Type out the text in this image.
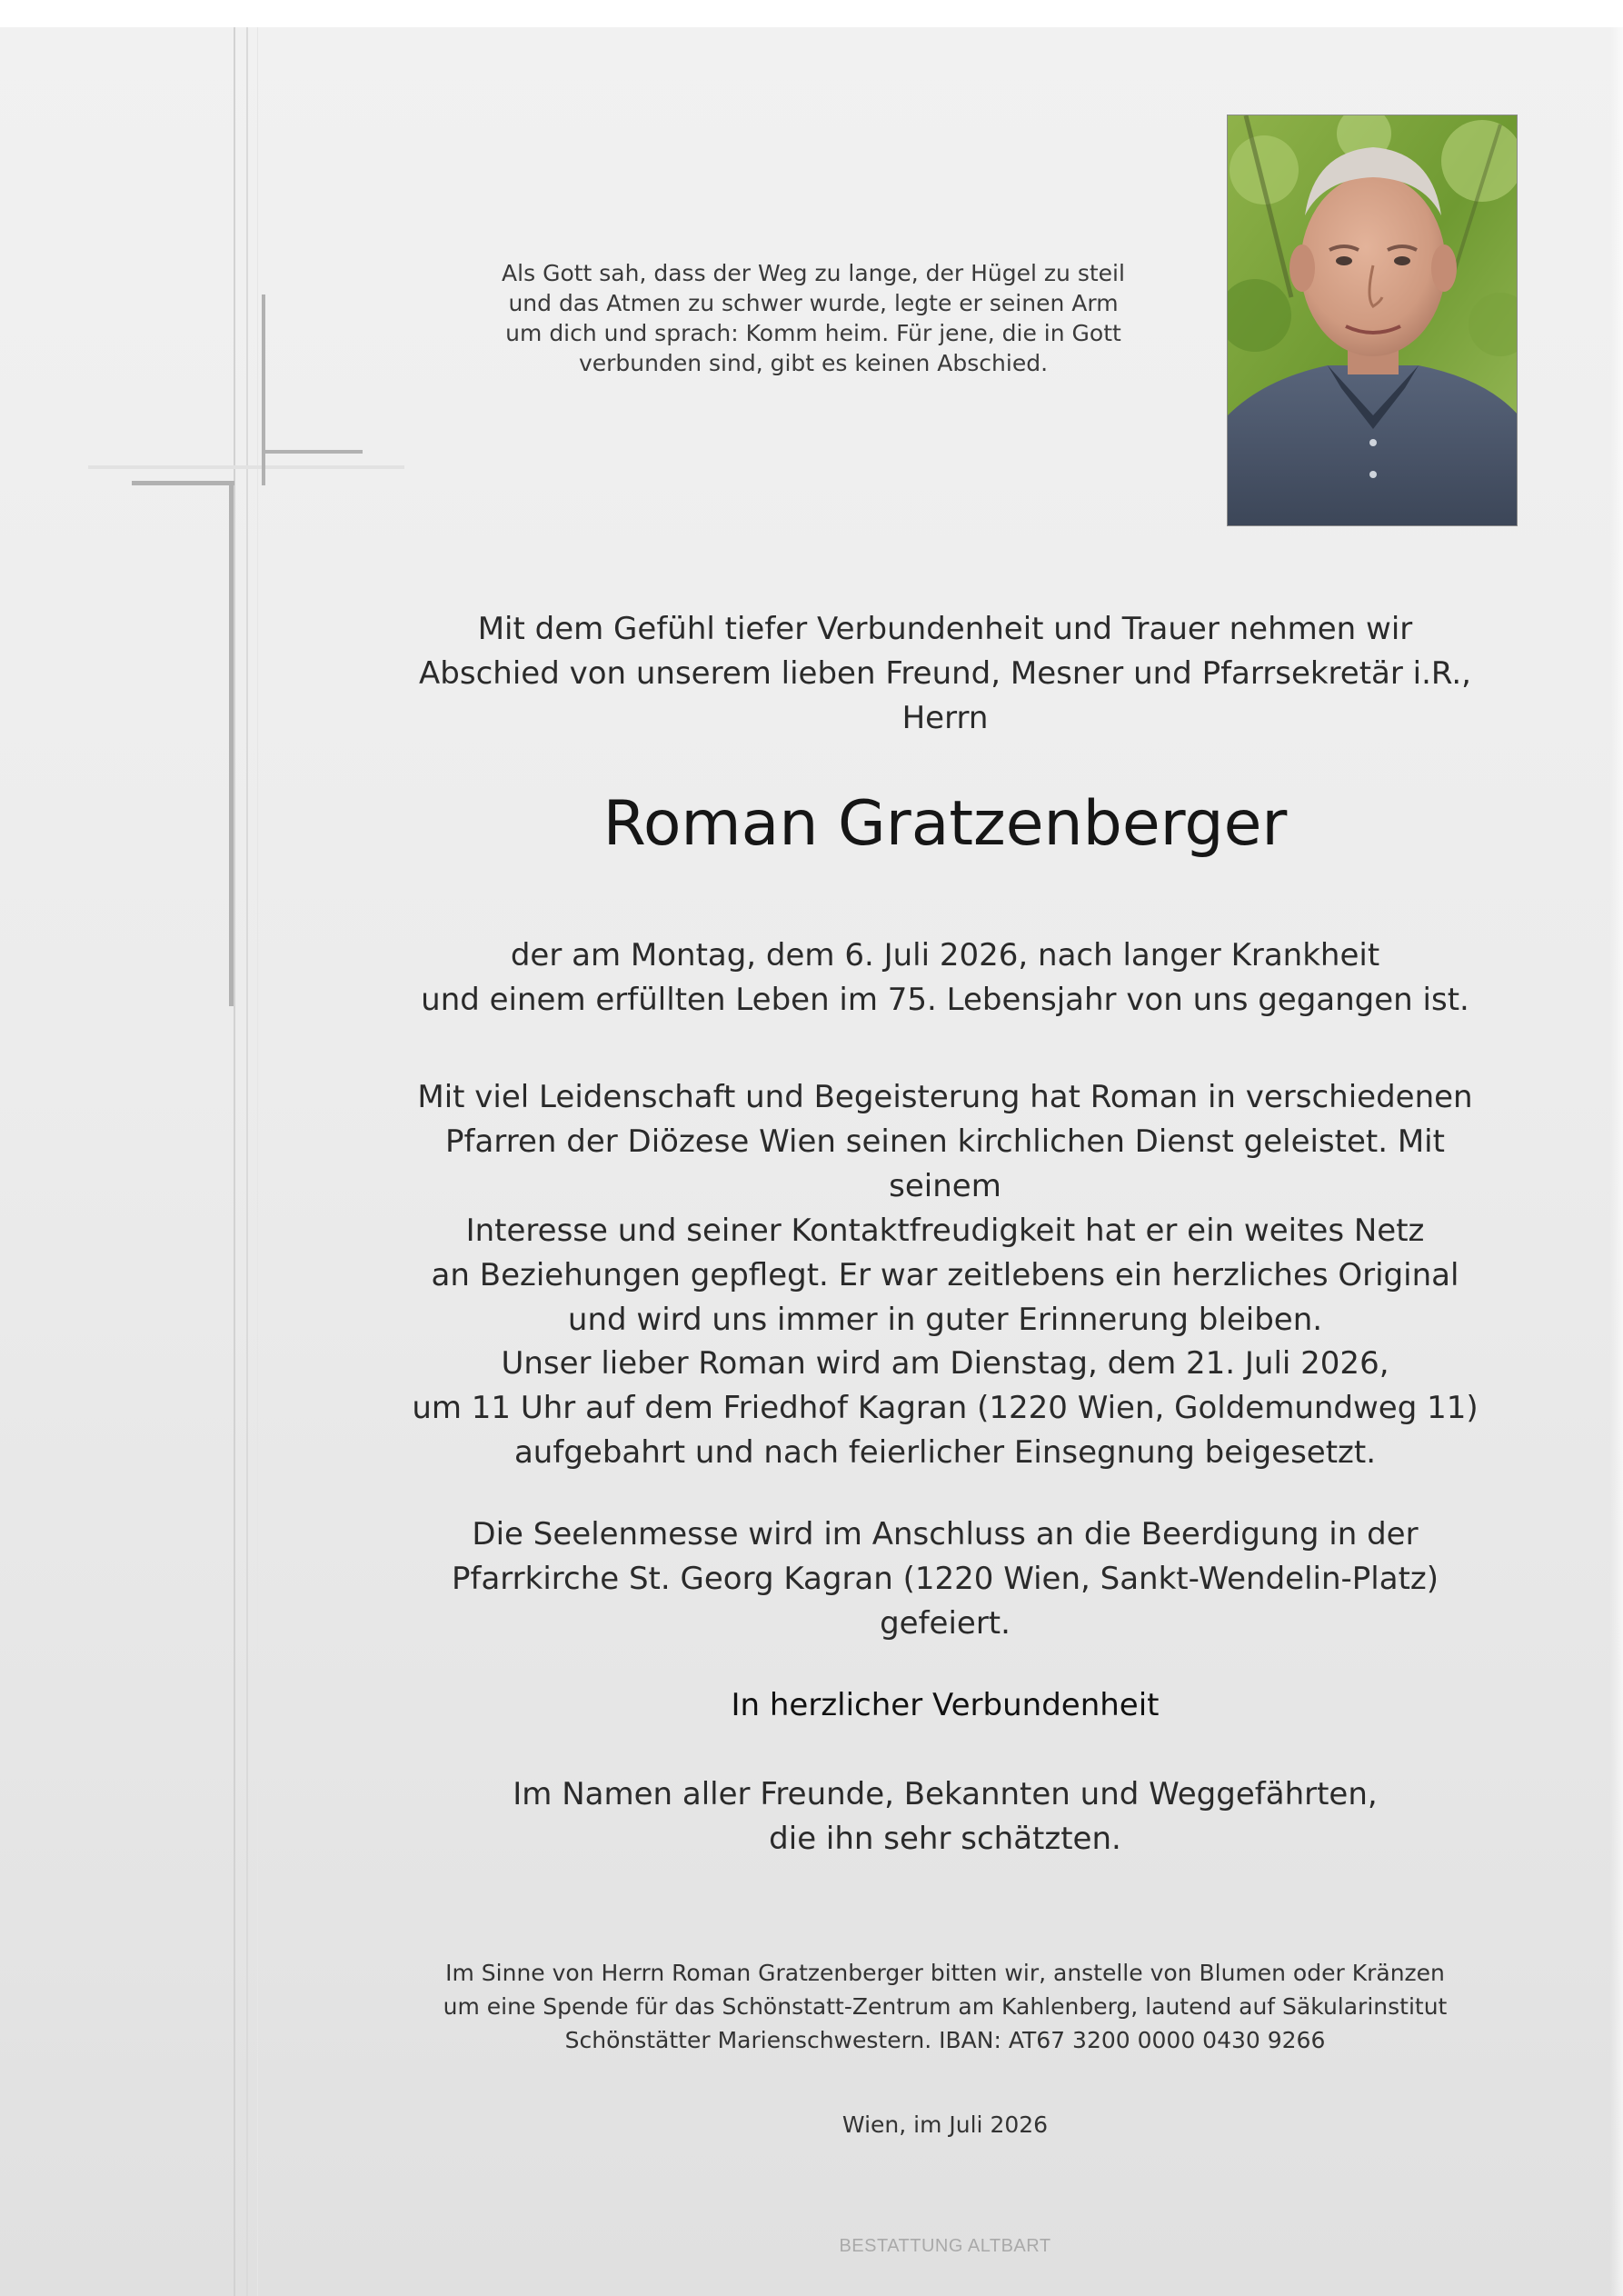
Als Gott sah, dass der Weg zu lange, der Hügel zu steil
und das Atmen zu schwer wurde, legte er seinen Arm
um dich und sprach: Komm heim. Für jene, die in Gott
verbunden sind, gibt es keinen Abschied.
Mit dem Gefühl tiefer Verbundenheit und Trauer nehmen wir
Abschied von unserem lieben Freund, Mesner und Pfarrsekretär i.R., Herrn
Roman Gratzenberger
der am Montag, dem 6. Juli 2026, nach langer Krankheit
und einem erfüllten Leben im 75. Lebensjahr von uns gegangen ist.
Mit viel Leidenschaft und Begeisterung hat Roman in verschiedenen
Pfarren der Diözese Wien seinen kirchlichen Dienst geleistet. Mit seinem
Interesse und seiner Kontaktfreudigkeit hat er ein weites Netz
an Beziehungen gepflegt. Er war zeitlebens ein herzliches Original
und wird uns immer in guter Erinnerung bleiben.
Unser lieber Roman wird am Dienstag, dem 21. Juli 2026,
um 11 Uhr auf dem Friedhof Kagran (1220 Wien, Goldemundweg 11)
aufgebahrt und nach feierlicher Einsegnung beigesetzt.
Die Seelenmesse wird im Anschluss an die Beerdigung in der
Pfarrkirche St. Georg Kagran (1220 Wien, Sankt-Wendelin-Platz) gefeiert.
In herzlicher Verbundenheit
Im Namen aller Freunde, Bekannten und Weggefährten,
die ihn sehr schätzten.
Im Sinne von Herrn Roman Gratzenberger bitten wir, anstelle von Blumen oder Kränzen
um eine Spende für das Schönstatt-Zentrum am Kahlenberg, lautend auf Säkularinstitut
Schönstätter Marienschwestern. IBAN: AT67 3200 0000 0430 9266
Wien, im Juli 2026
BESTATTUNG ALTBART
